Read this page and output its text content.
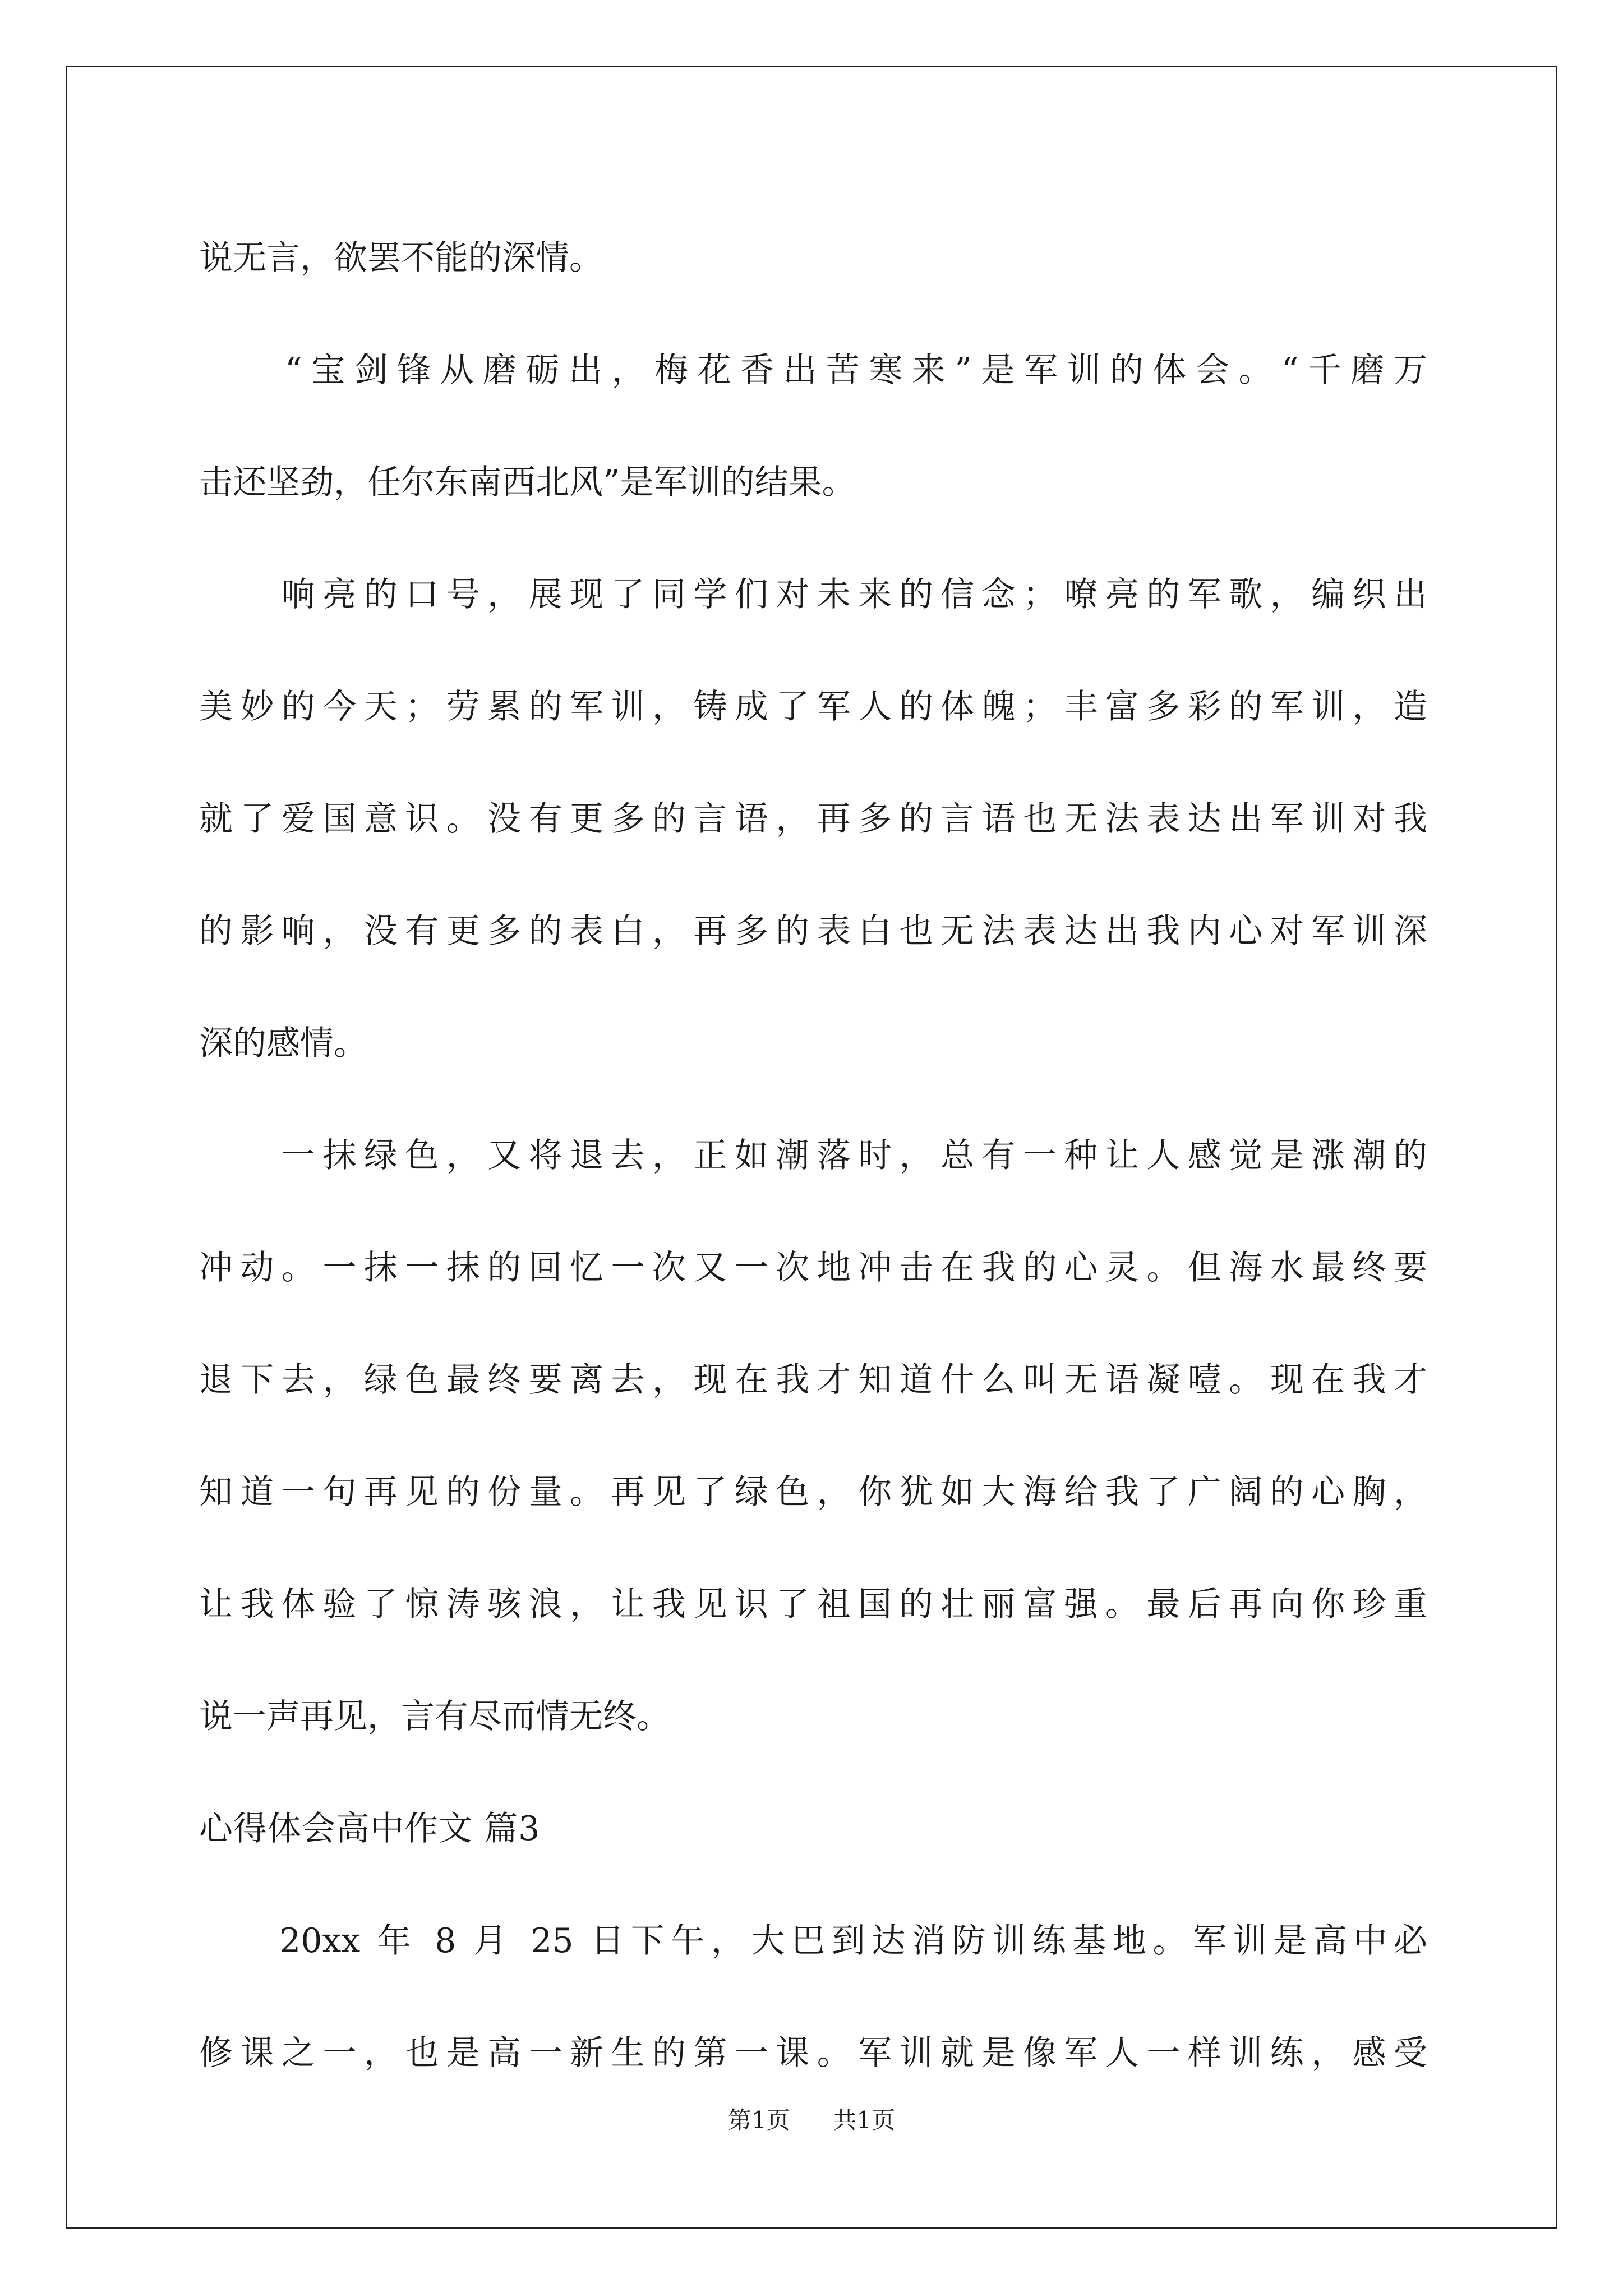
说无言，欲罢不能的深情。
　　“宝剑锋从磨砺出，梅花香出苦寒来”是军训的体会。“千磨万
击还坚劲，任尔东南西北风”是军训的结果。
　　响亮的口号，展现了同学们对未来的信念；嘹亮的军歌，编织出
美妙的今天；劳累的军训，铸成了军人的体魄；丰富多彩的军训，造
就了爱国意识。没有更多的言语，再多的言语也无法表达出军训对我
的影响，没有更多的表白，再多的表白也无法表达出我内心对军训深
深的感情。
　　一抹绿色，又将退去，正如潮落时，总有一种让人感觉是涨潮的
冲动。一抹一抹的回忆一次又一次地冲击在我的心灵。但海水最终要
退下去，绿色最终要离去，现在我才知道什么叫无语凝噎。现在我才
知道一句再见的份量。再见了绿色，你犹如大海给我了广阔的心胸，
让我体验了惊涛骇浪，让我见识了祖国的壮丽富强。最后再向你珍重
说一声再见，言有尽而情无终。
心得体会高中作文 篇3
　　20xx 年 8 月 25 日下午，大巴到达消防训练基地。军训是高中必
修课之一，也是高一新生的第一课。军训就是像军人一样训练，感受
第1页 共1页
